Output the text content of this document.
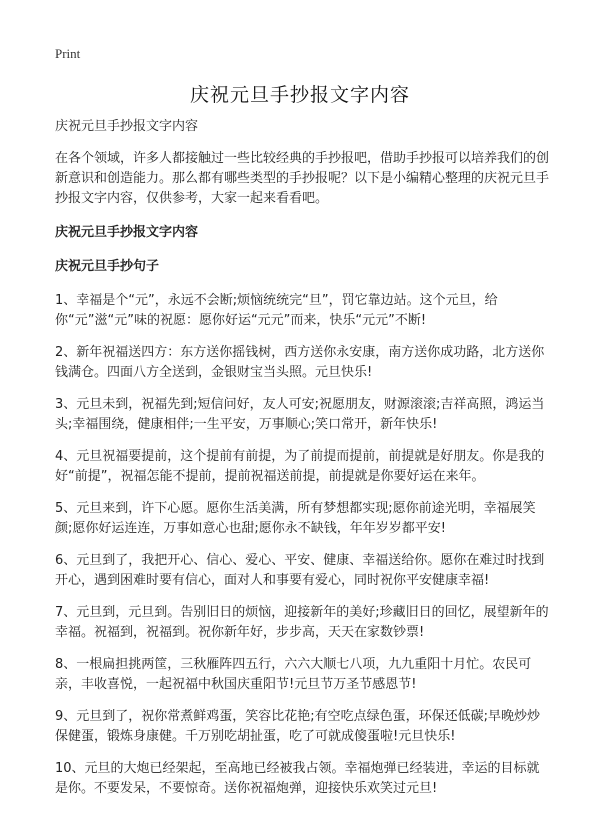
Print
庆祝元旦手抄报文字内容

庆祝元旦手抄报文字内容

在各个领域，许多人都接触过一些比较经典的手抄报吧，借助手抄报可以培养我们的创新意识和创造能力。那么都有哪些类型的手抄报呢？以下是小编精心整理的庆祝元旦手抄报文字内容，仅供参考，大家一起来看看吧。

庆祝元旦手抄报文字内容

庆祝元旦手抄句子

1、幸福是个“元”，永远不会断;烦恼统统完“旦”，罚它靠边站。这个元旦，给你“元”滋“元”味的祝愿：愿你好运“元元”而来，快乐“元元”不断!

2、新年祝福送四方：东方送你摇钱树，西方送你永安康，南方送你成功路，北方送你钱满仓。四面八方全送到，金银财宝当头照。元旦快乐!

3、元旦未到，祝福先到;短信问好，友人可安;祝愿朋友，财源滚滚;吉祥高照，鸿运当头;幸福围绕，健康相伴;一生平安，万事顺心;笑口常开，新年快乐!

4、元旦祝福要提前，这个提前有前提，为了前提而提前，前提就是好朋友。你是我的好“前提”，祝福怎能不提前，提前祝福送前提，前提就是你要好运在来年。

5、元旦来到，许下心愿。愿你生活美满，所有梦想都实现;愿你前途光明，幸福展笑颜;愿你好运连连，万事如意心也甜;愿你永不缺钱，年年岁岁都平安!

6、元旦到了，我把开心、信心、爱心、平安、健康、幸福送给你。愿你在难过时找到开心，遇到困难时要有信心，面对人和事要有爱心，同时祝你平安健康幸福!

7、元旦到，元旦到。告别旧日的烦恼，迎接新年的美好;珍藏旧日的回忆，展望新年的幸福。祝福到，祝福到。祝你新年好，步步高，天天在家数钞票!

8、一根扁担挑两筐，三秋雁阵四五行，六六大顺七八项，九九重阳十月忙。农民可亲，丰收喜悦，一起祝福中秋国庆重阳节!元旦节万圣节感恩节!

9、元旦到了，祝你常煮鲜鸡蛋，笑容比花艳;有空吃点绿色蛋，环保还低碳;早晚炒炒保健蛋，锻炼身康健。千万别吃胡扯蛋，吃了可就成傻蛋啦!元旦快乐!

10、元旦的大炮已经架起，至高地已经被我占领。幸福炮弹已经装进，幸运的目标就是你。不要发呆，不要惊奇。送你祝福炮弹，迎接快乐欢笑过元旦!
